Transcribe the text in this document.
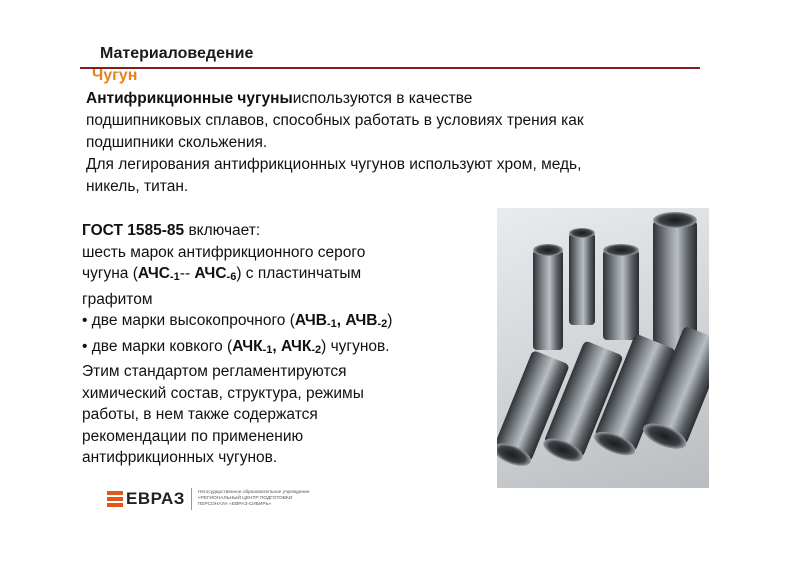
Материаловедение
Чугун
Антифрикционные чугуныиспользуются в качестве
подшипниковых сплавов, способных работать в условиях трения как
подшипники скольжения.
Для легирования антифрикционных чугунов используют хром, медь,
никель, титан.

ГОСТ 1585-85 включает:

шесть марок антифрикционного серого

чугуна (АЧС-1-- АЧС-6) с пластинчатым

графитом

• две марки высокопрочного (АЧВ-1, АЧВ-2)

• две марки ковкого (АЧК-1, АЧК-2) чугунов.

Этим стандартом регламентируются

химический состав, структура, режимы

работы, в нем также содержатся

рекомендации по применению

антифрикционных чугунов.

ЕВРАЗ	Негосударственное образовательное учреждение
«РЕГИОНАЛЬНЫЙ ЦЕНТР ПОДГОТОВКИ
ПЕРСОНАЛА «ЕВРАЗ-СИБИРЬ»
